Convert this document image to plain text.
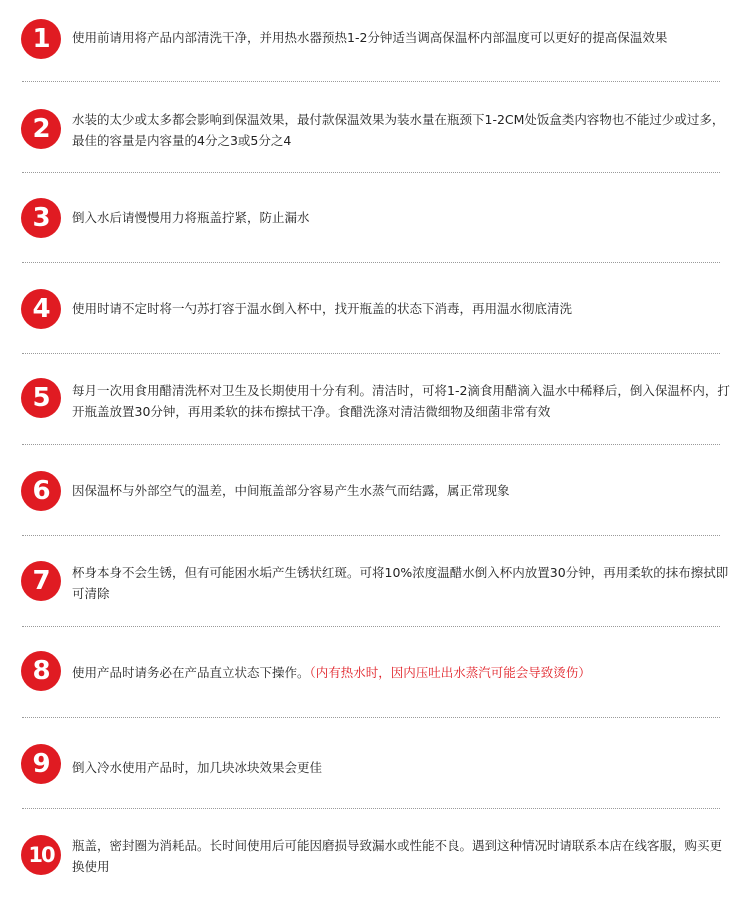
1	使用前请用将产品内部清洗干净，并用热水器预热1-2分钟适当调高保温杯内部温度可以更好的提高保温效果
2	水装的太少或太多都会影响到保温效果，最付款保温效果为装水量在瓶颈下1-2CM处饭盒类内容物也不能过少或过多，最佳的容量是内容量的4分之3或5分之4
3	倒入水后请慢慢用力将瓶盖拧紧，防止漏水
4	使用时请不定时将一勺苏打容于温水倒入杯中，找开瓶盖的状态下消毒，再用温水彻底清洗
5	每月一次用食用醋清洗杯对卫生及长期使用十分有利。清洁时，可将1-2滴食用醋滴入温水中稀释后，倒入保温杯内，打开瓶盖放置30分钟，再用柔软的抹布擦拭干净。食醋洗涤对清洁微细物及细菌非常有效
6	因保温杯与外部空气的温差，中间瓶盖部分容易产生水蒸气而结露，属正常现象
7	杯身本身不会生锈，但有可能困水垢产生锈状红斑。可将10%浓度温醋水倒入杯内放置30分钟，再用柔软的抹布擦拭即可清除
8	使用产品时请务必在产品直立状态下操作。（内有热水时，因内压吐出水蒸汽可能会导致烫伤）
9	倒入冷水使用产品时，加几块冰块效果会更佳
10	瓶盖，密封圈为消耗品。长时间使用后可能因磨损导致漏水或性能不良。遇到这种情况时请联系本店在线客服，购买更换使用
